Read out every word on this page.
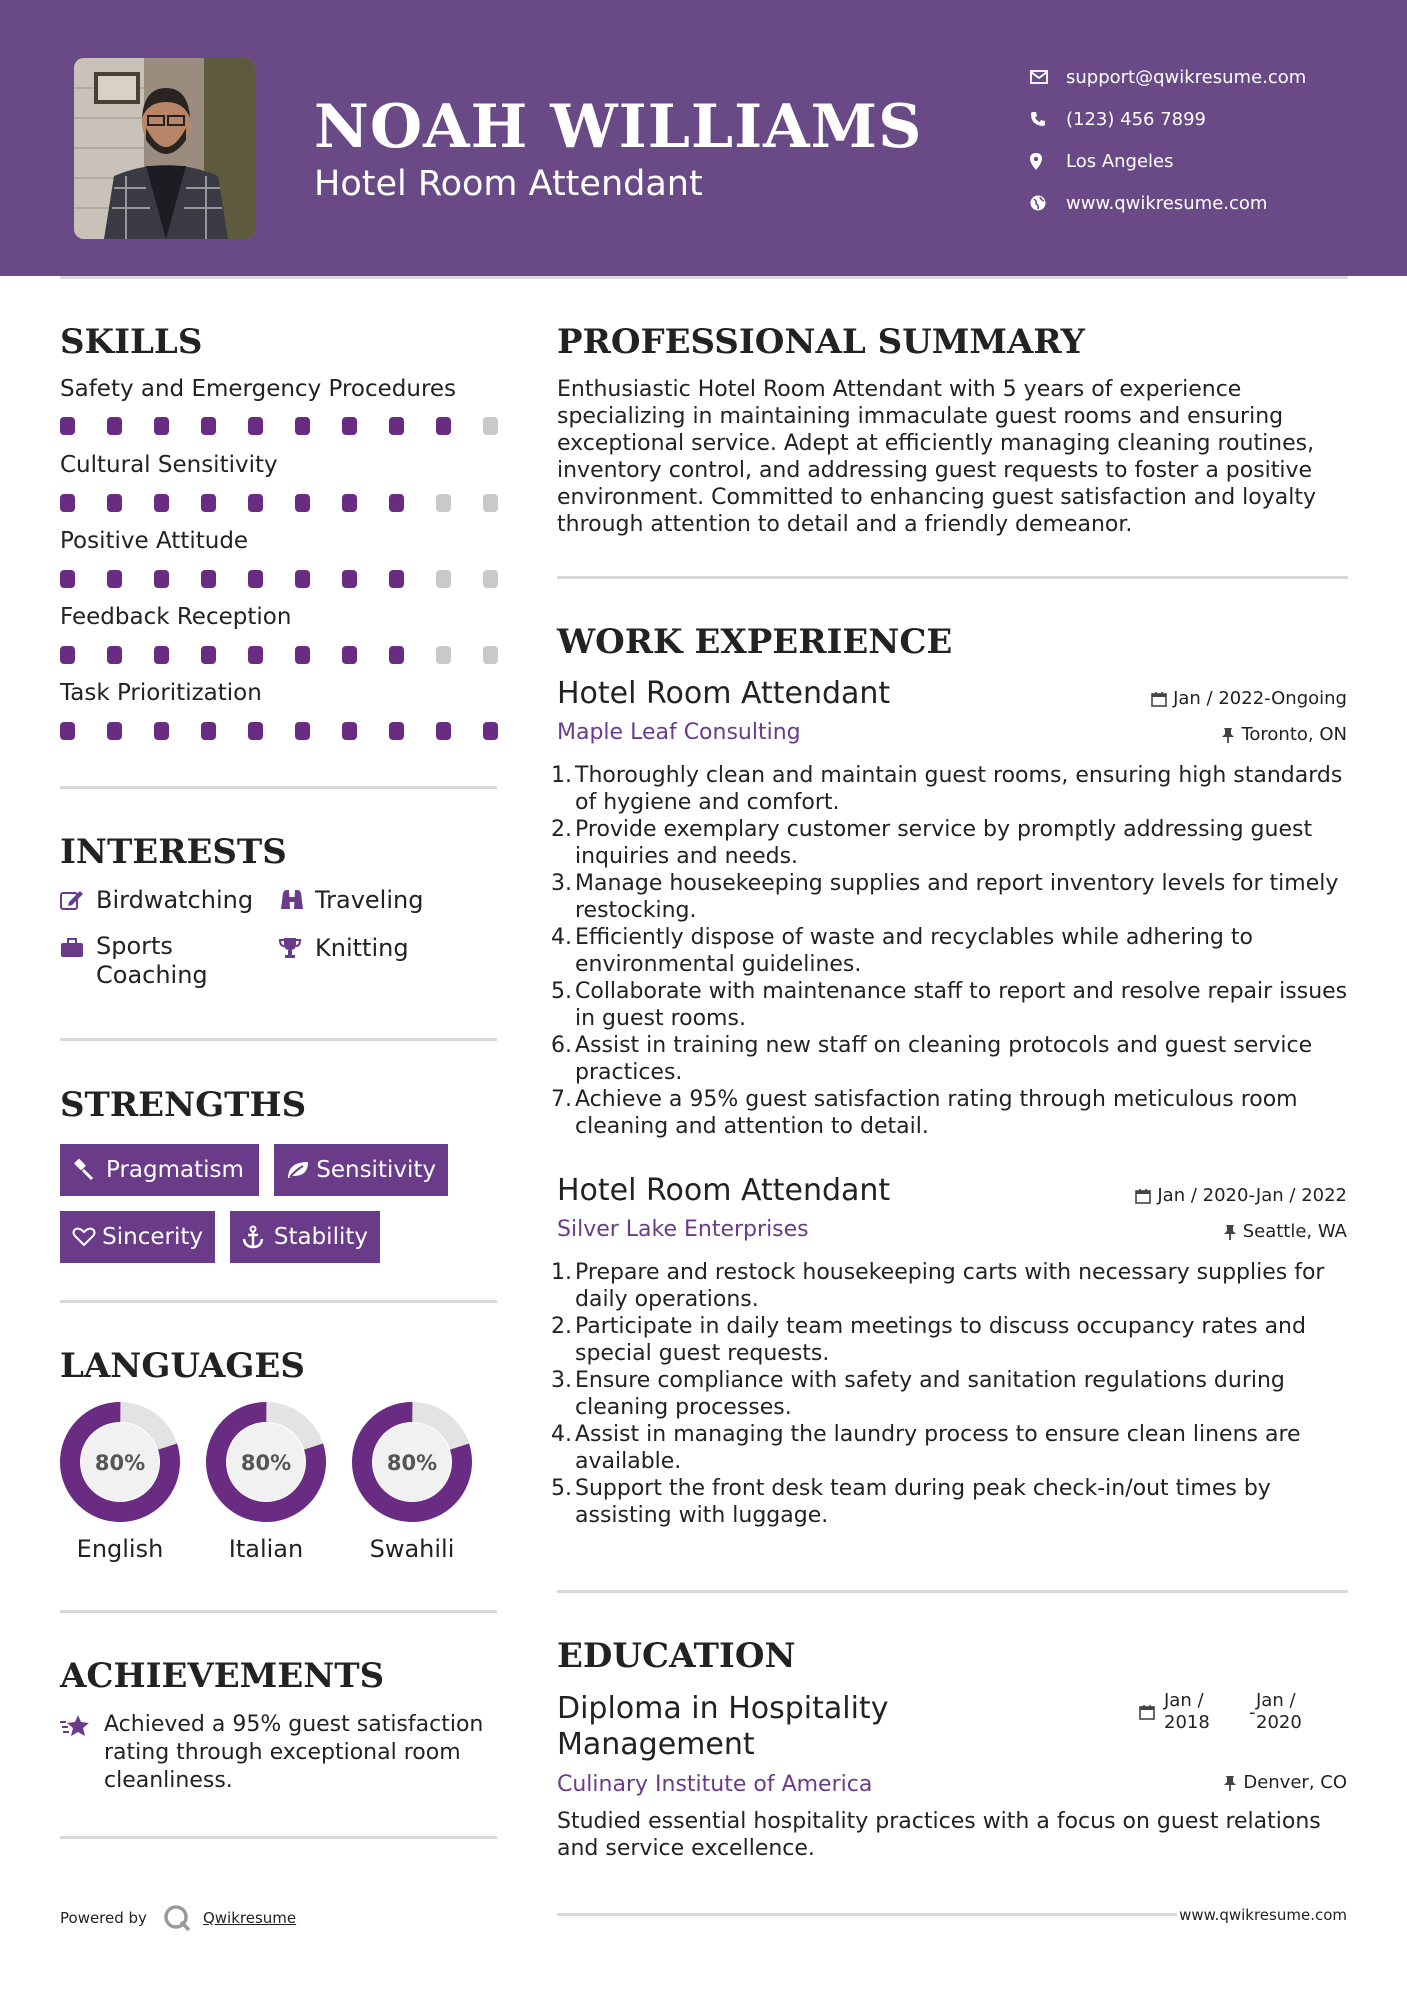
NOAH WILLIAMS
Hotel Room Attendant
support@qwikresume.com
(123) 456 7899
Los Angeles
www.qwikresume.com
SKILLS
Safety and Emergency Procedures
Cultural Sensitivity
Positive Attitude
Feedback Reception
Task Prioritization
INTERESTS
Birdwatching	Traveling
Sports Coaching
Knitting
STRENGTHS
Pragmatism	Sensitivity
Sincerity	Stability
LANGUAGES
80%	80%	80%
English	Italian	Swahili
ACHIEVEMENTS
Achieved a 95% guest satisfaction rating through exceptional room cleanliness.
Powered by	Qwikresume
PROFESSIONAL SUMMARY
Enthusiastic Hotel Room Attendant with 5 years of experience specializing in maintaining immaculate guest rooms and ensuring exceptional service. Adept at efficiently managing cleaning routines, inventory control, and addressing guest requests to foster a positive environment. Committed to enhancing guest satisfaction and loyalty through attention to detail and a friendly demeanor.
WORK EXPERIENCE
Hotel Room Attendant	Jan / 2022-Ongoing
Maple Leaf Consulting	Toronto, ON
1. Thoroughly clean and maintain guest rooms, ensuring high standards of hygiene and comfort.
2. Provide exemplary customer service by promptly addressing guest inquiries and needs.
3. Manage housekeeping supplies and report inventory levels for timely restocking.
4. Efficiently dispose of waste and recyclables while adhering to environmental guidelines.
5. Collaborate with maintenance staff to report and resolve repair issues in guest rooms.
6. Assist in training new staff on cleaning protocols and guest service practices.
7. Achieve a 95% guest satisfaction rating through meticulous room cleaning and attention to detail.
Hotel Room Attendant	Jan / 2020-Jan / 2022
Silver Lake Enterprises	Seattle, WA
1. Prepare and restock housekeeping carts with necessary supplies for daily operations.
2. Participate in daily team meetings to discuss occupancy rates and special guest requests.
3. Ensure compliance with safety and sanitation regulations during cleaning processes.
4. Assist in managing the laundry process to ensure clean linens are available.
5. Support the front desk team during peak check-in/out times by assisting with luggage.
EDUCATION
Diploma in Hospitality Management
Jan / 2018	-
Jan / 2020
Culinary Institute of America	Denver, CO
Studied essential hospitality practices with a focus on guest relations and service excellence.
www.qwikresume.com
